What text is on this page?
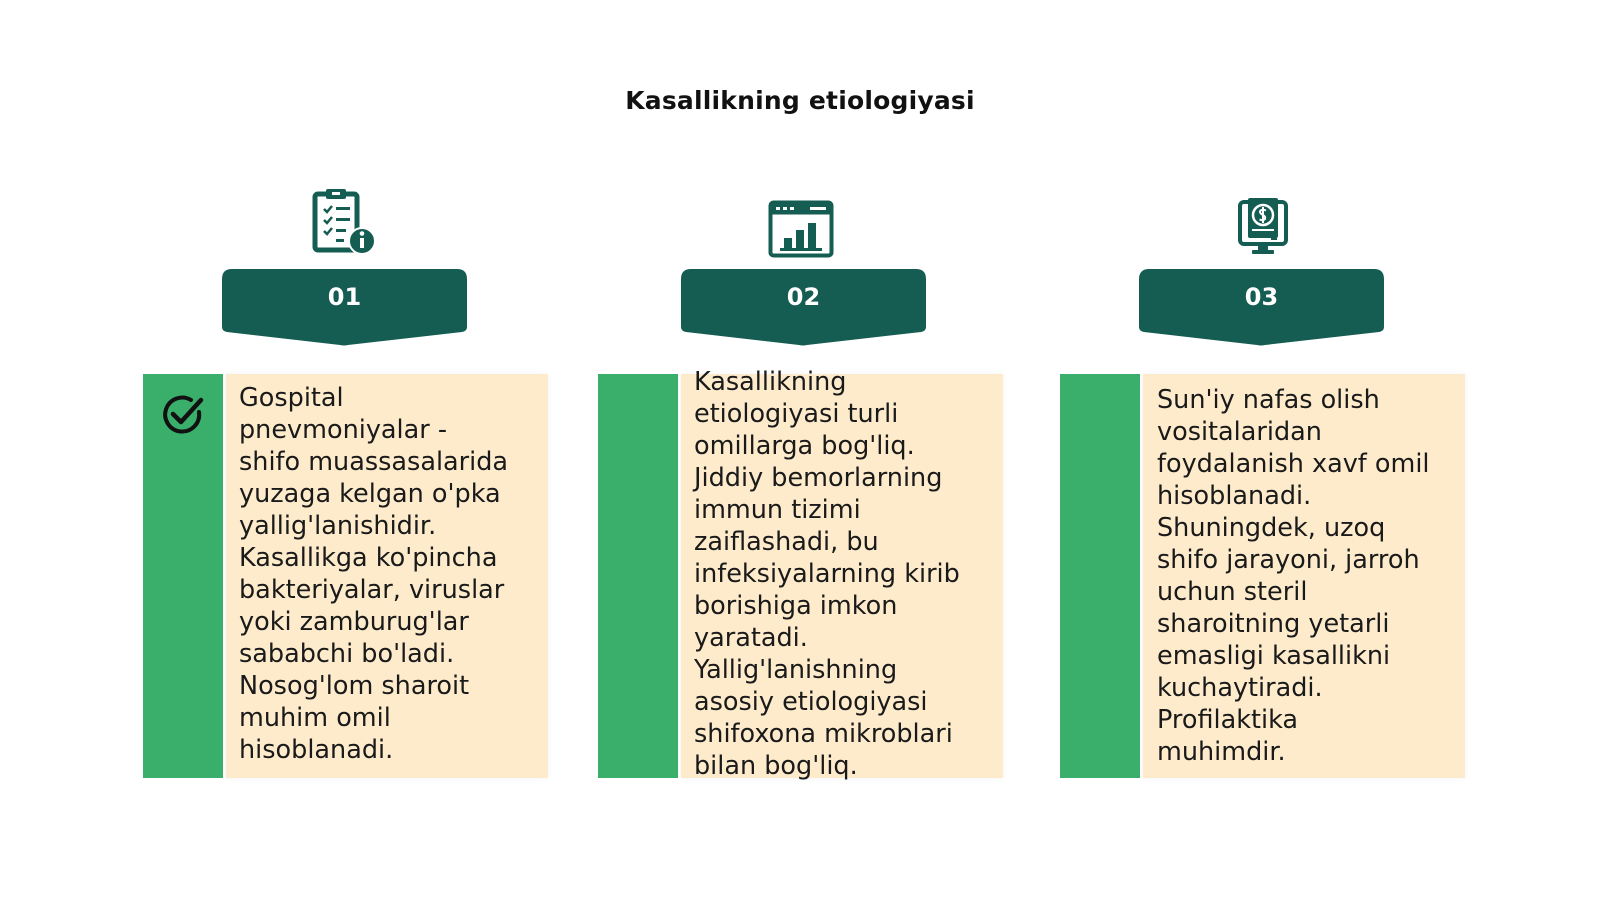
Kasallikning etiologiyasi
01
Gospital
pnevmoniyalar -
shifo muassasalarida
yuzaga kelgan o'pka
yallig'lanishidir.
Kasallikga ko'pincha
bakteriyalar, viruslar
yoki zamburug'lar
sababchi bo'ladi.
Nosog'lom sharoit
muhim omil
hisoblanadi.
02
Kasallikning
etiologiyasi turli
omillarga bog'liq.
Jiddiy bemorlarning
immun tizimi
zaiflashadi, bu
infeksiyalarning kirib
borishiga imkon
yaratadi.
Yallig'lanishning
asosiy etiologiyasi
shifoxona mikroblari
bilan bog'liq.
03
Sun'iy nafas olish
vositalaridan
foydalanish xavf omil
hisoblanadi.
Shuningdek, uzoq
shifo jarayoni, jarroh
uchun steril
sharoitning yetarli
emasligi kasallikni
kuchaytiradi.
Profilaktika
muhimdir.
